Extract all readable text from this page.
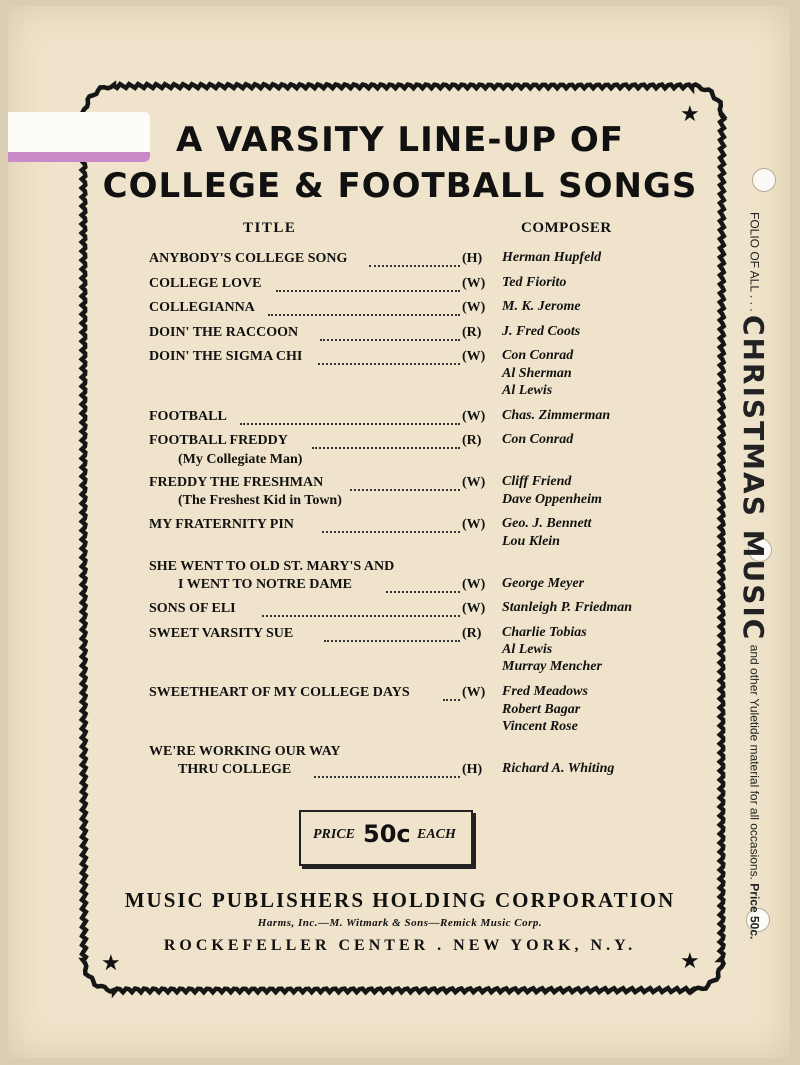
★
★	★
A VARSITY LINE-UP OF
COLLEGE & FOOTBALL SONGS
TITLE	COMPOSER
ANYBODY'S COLLEGE SONG	(H) Herman Hupfeld
COLLEGE LOVE	(W) Ted Fiorito
COLLEGIANNA	(W) M. K. Jerome
DOIN' THE RACCOON	(R) J. Fred Coots
DOIN' THE SIGMA CHI	(W) Con Conrad
Al Sherman
Al Lewis
FOOTBALL	(W) Chas. Zimmerman
FOOTBALL FREDDY	(R) Con Conrad
(My Collegiate Man)
FREDDY THE FRESHMAN	(W) Cliff Friend
Dave Oppenheim
(The Freshest Kid in Town)
MY FRATERNITY PIN	(W) Geo. J. Bennett
Lou Klein
SHE WENT TO OLD ST. MARY'S AND
I WENT TO NOTRE DAME	(W) George Meyer
SONS OF ELI	(W) Stanleigh P. Friedman
SWEET VARSITY SUE	(R) Charlie Tobias
Al Lewis
Murray Mencher
SWEETHEART OF MY COLLEGE DAYS	(W) Fred Meadows
Robert Bagar
Vincent Rose
WE'RE WORKING OUR WAY
THRU COLLEGE	(H) Richard A. Whiting
PRICE 50c EACH
MUSIC PUBLISHERS HOLDING CORPORATION
Harms, Inc.—M. Witmark & Sons—Remick Music Corp.
ROCKEFELLER CENTER . NEW YORK, N.Y.
FOLIO OF ALL . . . CHRISTMAS MUSIC and other Yuletide material for all occasions. Price 50c.
